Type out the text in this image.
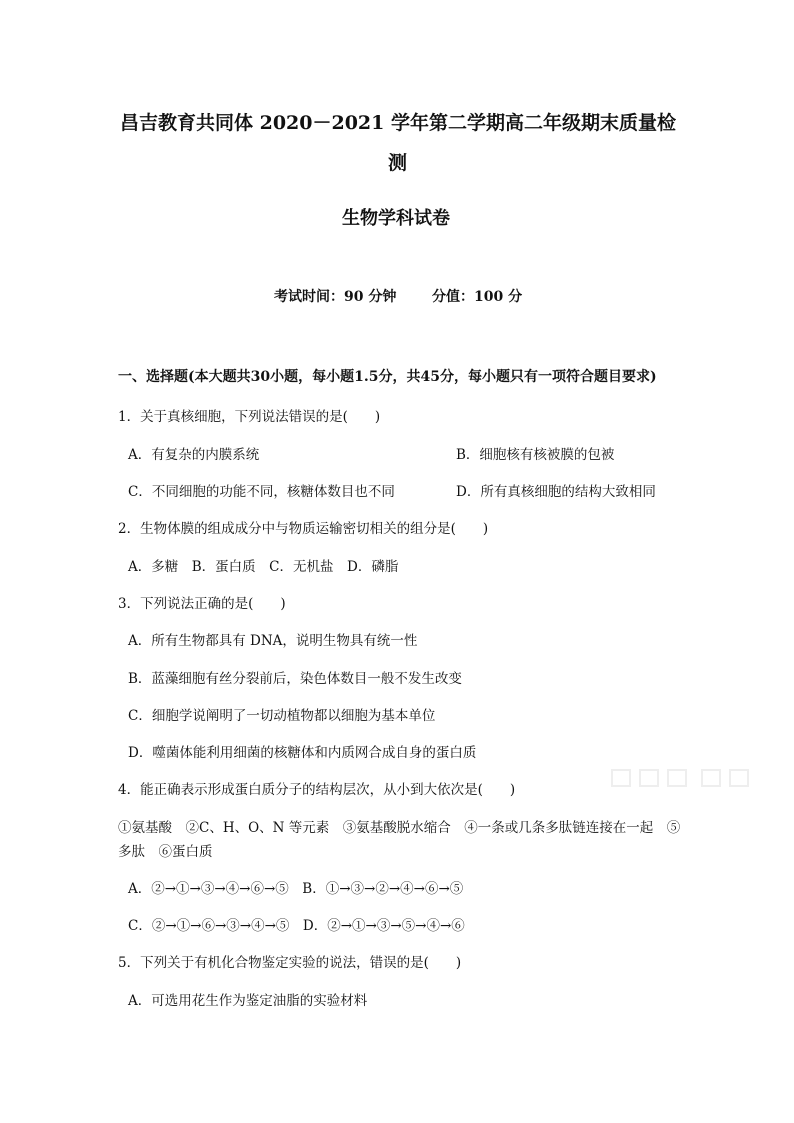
昌吉教育共同体 2020－2021 学年第二学期高二年级期末质量检
测
生物学科试卷
考试时间：90 分钟	分值：100 分
一、选择题(本大题共30小题，每小题1.5分，共45分，每小题只有一项符合题目要求)
1．关于真核细胞，下列说法错误的是(　　)
A．有复杂的内膜系统	B．细胞核有核被膜的包被
C．不同细胞的功能不同，核糖体数目也不同	D．所有真核细胞的结构大致相同
2．生物体膜的组成成分中与物质运输密切相关的组分是(　　)
A．多糖　B．蛋白质　C．无机盐　D．磷脂
3．下列说法正确的是(　　)
A．所有生物都具有 DNA，说明生物具有统一性
B．蓝藻细胞有丝分裂前后，染色体数目一般不发生改变
C．细胞学说阐明了一切动植物都以细胞为基本单位
D．噬菌体能利用细菌的核糖体和内质网合成自身的蛋白质
4．能正确表示形成蛋白质分子的结构层次，从小到大依次是(　　)
①氨基酸　②C、H、O、N 等元素　③氨基酸脱水缩合　④一条或几条多肽链连接在一起　⑤
多肽　⑥蛋白质
A．②→①→③→④→⑥→⑤　B．①→③→②→④→⑥→⑤
C．②→①→⑥→③→④→⑤　D．②→①→③→⑤→④→⑥
5．下列关于有机化合物鉴定实验的说法，错误的是(　　)
A．可选用花生作为鉴定油脂的实验材料
